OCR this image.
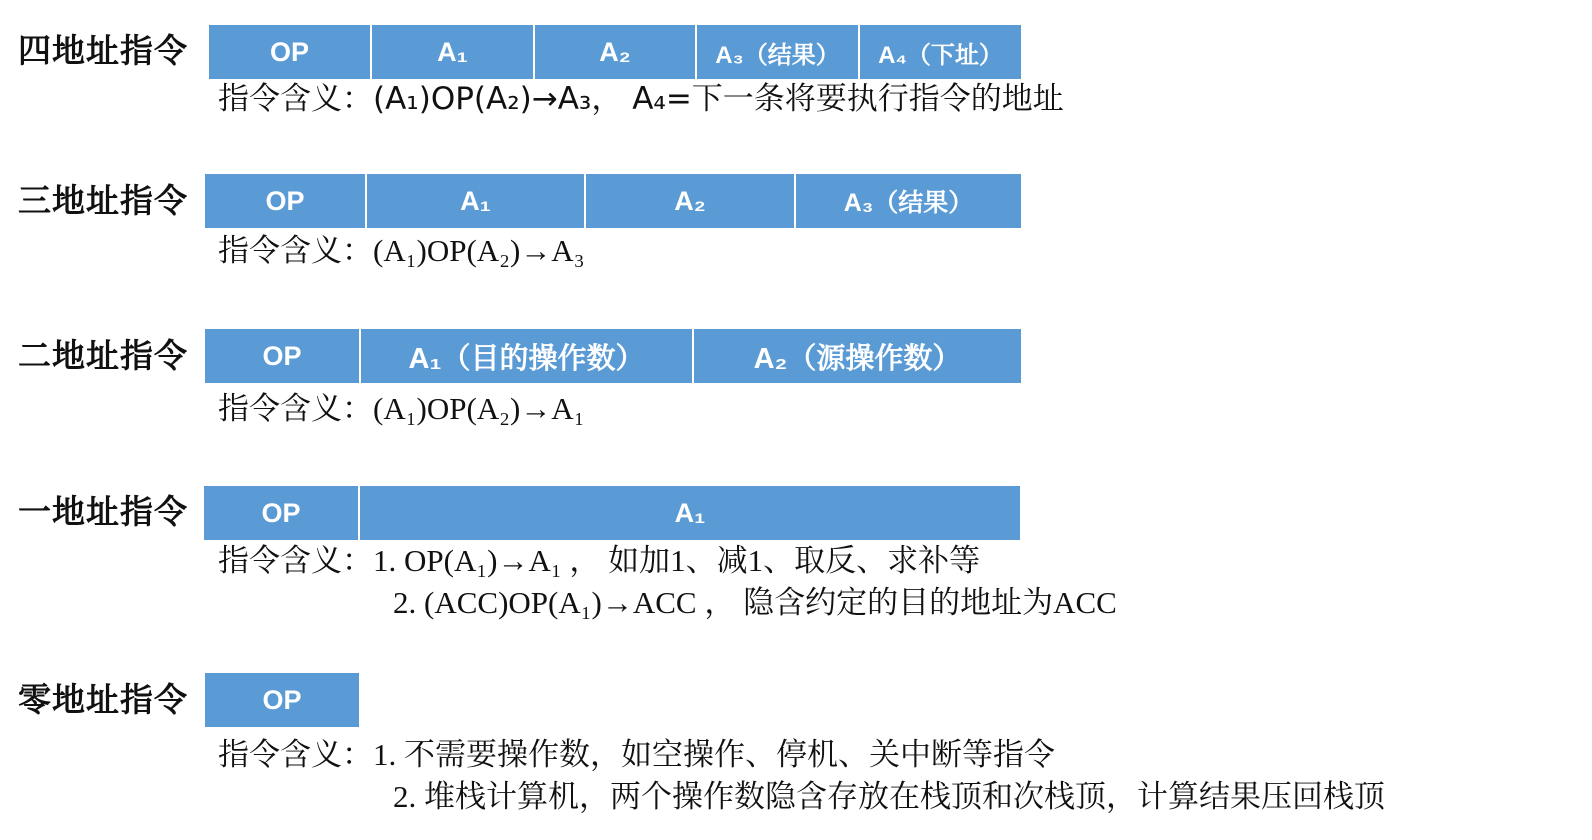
四地址指令	OP	A₁	A₂	A₃（结果）	A₄（下址）
指令含义：(A₁)OP(A₂)→A₃， A₄=下一条将要执行指令的地址
三地址指令	OP	A₁	A₂	A₃（结果）
指令含义：(A₁)OP(A₂)→A₃
二地址指令	OP	A₁（目的操作数）	A₂（源操作数）
指令含义：(A₁)OP(A₂)→A₁
一地址指令	OP	A₁
指令含义：1. OP(A₁)→A₁ ， 如加1、减1、取反、求补等
2. (ACC)OP(A₁)→ACC ， 隐含约定的目的地址为ACC
零地址指令	OP
指令含义：1. 不需要操作数，如空操作、停机、关中断等指令
2. 堆栈计算机，两个操作数隐含存放在栈顶和次栈顶，计算结果压回栈顶
